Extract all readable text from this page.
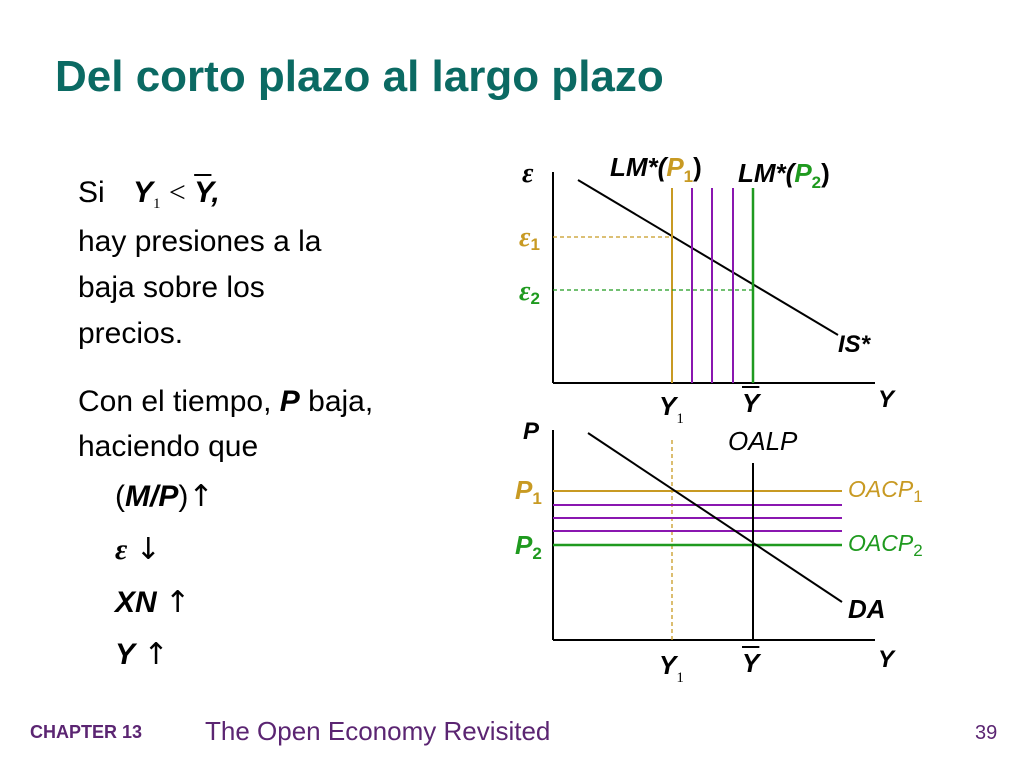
Del corto plazo al largo plazo
Si $Y_1 < \overline{Y}$,
hay presiones a la
baja sobre los
precios.
Con el tiempo, P baja,
haciendo que
(M/P)↑
ε ↓
XN ↑
Y ↑
ε	$LM*(P_1)$ $LM*(P_2)$
ε1
ε2
IS*
Y
$Y_1$
$\overline{Y}$
P	OALP
P1
P2
$OACP_1$
$OACP_2$
DA
Y
$Y_1$ $\overline{Y}$
CHAPTER 13 The Open Economy Revisited	39
